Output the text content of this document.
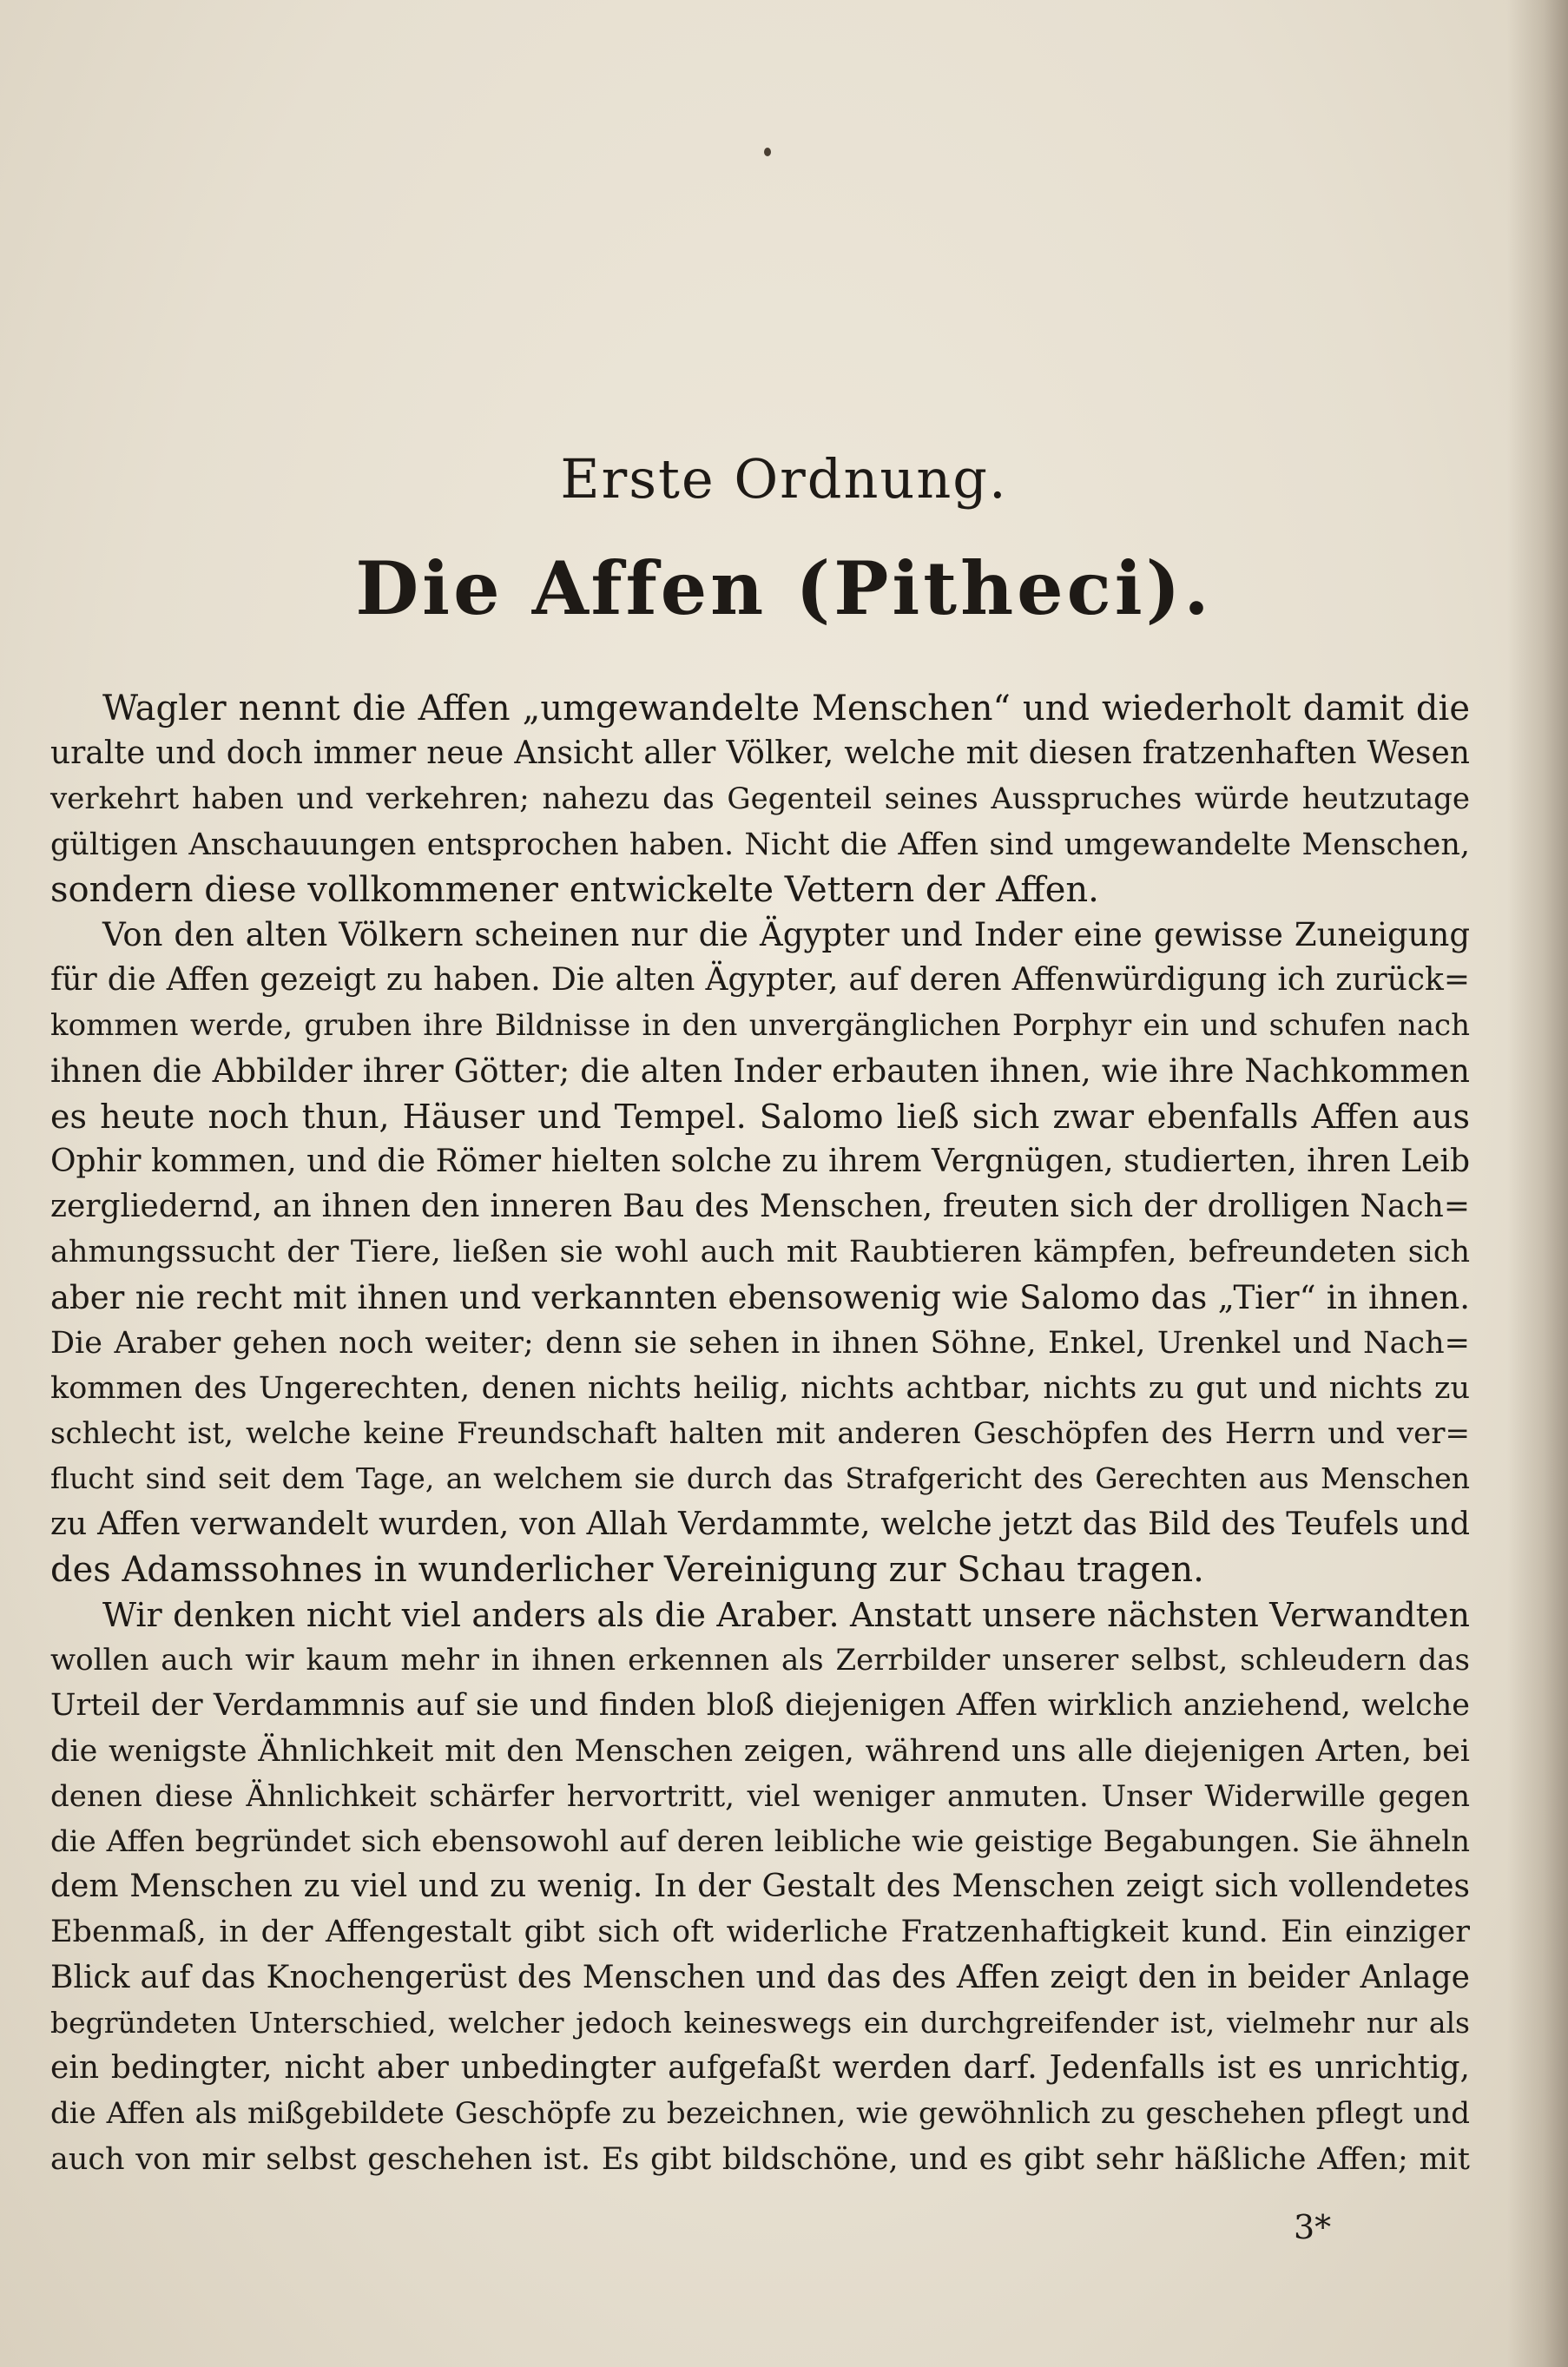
Erste Ordnung.
Die Affen (Pitheci).

Wagler nennt die Affen „umgewandelte Menschen“ und wiederholt damit die
uralte und doch immer neue Ansicht aller Völker, welche mit diesen fratzenhaften Wesen
verkehrt haben und verkehren; nahezu das Gegenteil seines Ausspruches würde heutzutage
gültigen Anschauungen entsprochen haben. Nicht die Affen sind umgewandelte Menschen,
sondern diese vollkommener entwickelte Vettern der Affen.

Von den alten Völkern scheinen nur die Ägypter und Inder eine gewisse Zuneigung
für die Affen gezeigt zu haben. Die alten Ägypter, auf deren Affenwürdigung ich zurück=
kommen werde, gruben ihre Bildnisse in den unvergänglichen Porphyr ein und schufen nach
ihnen die Abbilder ihrer Götter; die alten Inder erbauten ihnen, wie ihre Nachkommen
es heute noch thun, Häuser und Tempel. Salomo ließ sich zwar ebenfalls Affen aus
Ophir kommen, und die Römer hielten solche zu ihrem Vergnügen, studierten, ihren Leib
zergliedernd, an ihnen den inneren Bau des Menschen, freuten sich der drolligen Nach=
ahmungssucht der Tiere, ließen sie wohl auch mit Raubtieren kämpfen, befreundeten sich
aber nie recht mit ihnen und verkannten ebensowenig wie Salomo das „Tier“ in ihnen.
Die Araber gehen noch weiter; denn sie sehen in ihnen Söhne, Enkel, Urenkel und Nach=
kommen des Ungerechten, denen nichts heilig, nichts achtbar, nichts zu gut und nichts zu
schlecht ist, welche keine Freundschaft halten mit anderen Geschöpfen des Herrn und ver=
flucht sind seit dem Tage, an welchem sie durch das Strafgericht des Gerechten aus Menschen
zu Affen verwandelt wurden, von Allah Verdammte, welche jetzt das Bild des Teufels und
des Adamssohnes in wunderlicher Vereinigung zur Schau tragen.

Wir denken nicht viel anders als die Araber. Anstatt unsere nächsten Verwandten
wollen auch wir kaum mehr in ihnen erkennen als Zerrbilder unserer selbst, schleudern das
Urteil der Verdammnis auf sie und finden bloß diejenigen Affen wirklich anziehend, welche
die wenigste Ähnlichkeit mit den Menschen zeigen, während uns alle diejenigen Arten, bei
denen diese Ähnlichkeit schärfer hervortritt, viel weniger anmuten. Unser Widerwille gegen
die Affen begründet sich ebensowohl auf deren leibliche wie geistige Begabungen. Sie ähneln
dem Menschen zu viel und zu wenig. In der Gestalt des Menschen zeigt sich vollendetes
Ebenmaß, in der Affengestalt gibt sich oft widerliche Fratzenhaftigkeit kund. Ein einziger
Blick auf das Knochengerüst des Menschen und das des Affen zeigt den in beider Anlage
begründeten Unterschied, welcher jedoch keineswegs ein durchgreifender ist, vielmehr nur als
ein bedingter, nicht aber unbedingter aufgefaßt werden darf. Jedenfalls ist es unrichtig,
die Affen als mißgebildete Geschöpfe zu bezeichnen, wie gewöhnlich zu geschehen pflegt und
auch von mir selbst geschehen ist. Es gibt bildschöne, und es gibt sehr häßliche Affen; mit

3*
